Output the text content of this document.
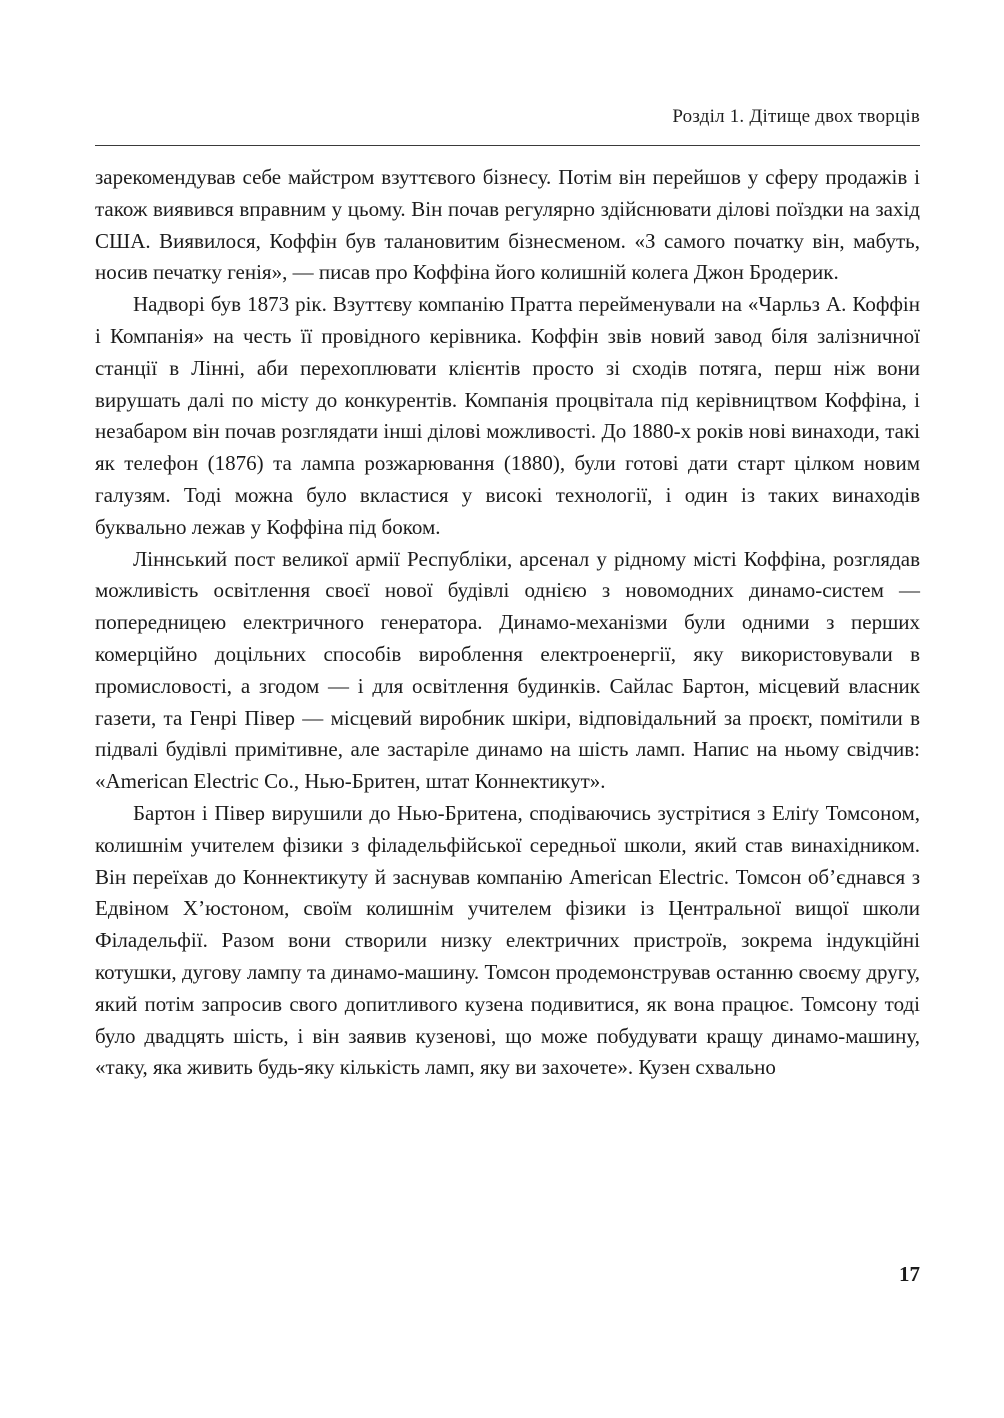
Розділ 1. Дітище двох творців

зарекомендував себе майстром взуттєвого бізнесу. Потім він перейшов у сферу продажів і також виявився вправним у цьому. Він почав регулярно здійснювати ділові поїздки на захід США. Виявилося, Коффін був талановитим бізнесменом. «З самого початку він, мабуть, носив печатку генія», — писав про Коффіна його колишній колега Джон Бродерик.

Надворі був 1873 рік. Взуттєву компанію Пратта перейменували на «Чарльз А. Коффін і Компанія» на честь її провідного керівника. Коффін звів новий завод біля залізничної станції в Лінні, аби перехоплювати клієнтів просто зі сходів потяга, перш ніж вони вирушать далі по місту до конкурентів. Компанія процвітала під керівництвом Коффіна, і незабаром він почав розглядати інші ділові можливості. До 1880-х років нові винаходи, такі як телефон (1876) та лампа розжарювання (1880), були готові дати старт цілком новим галузям. Тоді можна було вкластися у високі технології, і один із таких винаходів буквально лежав у Коффіна під боком.

Ліннський пост великої армії Республіки, арсенал у рідному місті Коффіна, розглядав можливість освітлення своєї нової будівлі однією з новомодних динамо-систем — попередницею електричного генератора. Динамо-механізми були одними з перших комерційно доцільних способів вироблення електроенергії, яку використовували в промисловості, а згодом — і для освітлення будинків. Сайлас Бартон, місцевий власник газети, та Генрі Півер — місцевий виробник шкіри, відповідальний за проєкт, помітили в підвалі будівлі примітивне, але застаріле динамо на шість ламп. Напис на ньому свідчив: «American Electric Co., Нью-Бритен, штат Коннектикут».

Бартон і Півер вирушили до Нью-Бритена, сподіваючись зустрітися з Еліґу Томсоном, колишнім учителем фізики з філадельфійської середньої школи, який став винахідником. Він переїхав до Коннектикуту й заснував компанію American Electric. Томсон об’єднався з Едвіном Х’юстоном, своїм колишнім учителем фізики із Центральної вищої школи Філадельфії. Разом вони створили низку електричних пристроїв, зокрема індукційні котушки, дугову лампу та динамо-машину. Томсон продемонстрував останню своєму другу, який потім запросив свого допитливого кузена подивитися, як вона працює. Томсону тоді було двадцять шість, і він заявив кузенові, що може побудувати кращу динамо-машину, «таку, яка живить будь-яку кількість ламп, яку ви захочете». Кузен схвально

17
